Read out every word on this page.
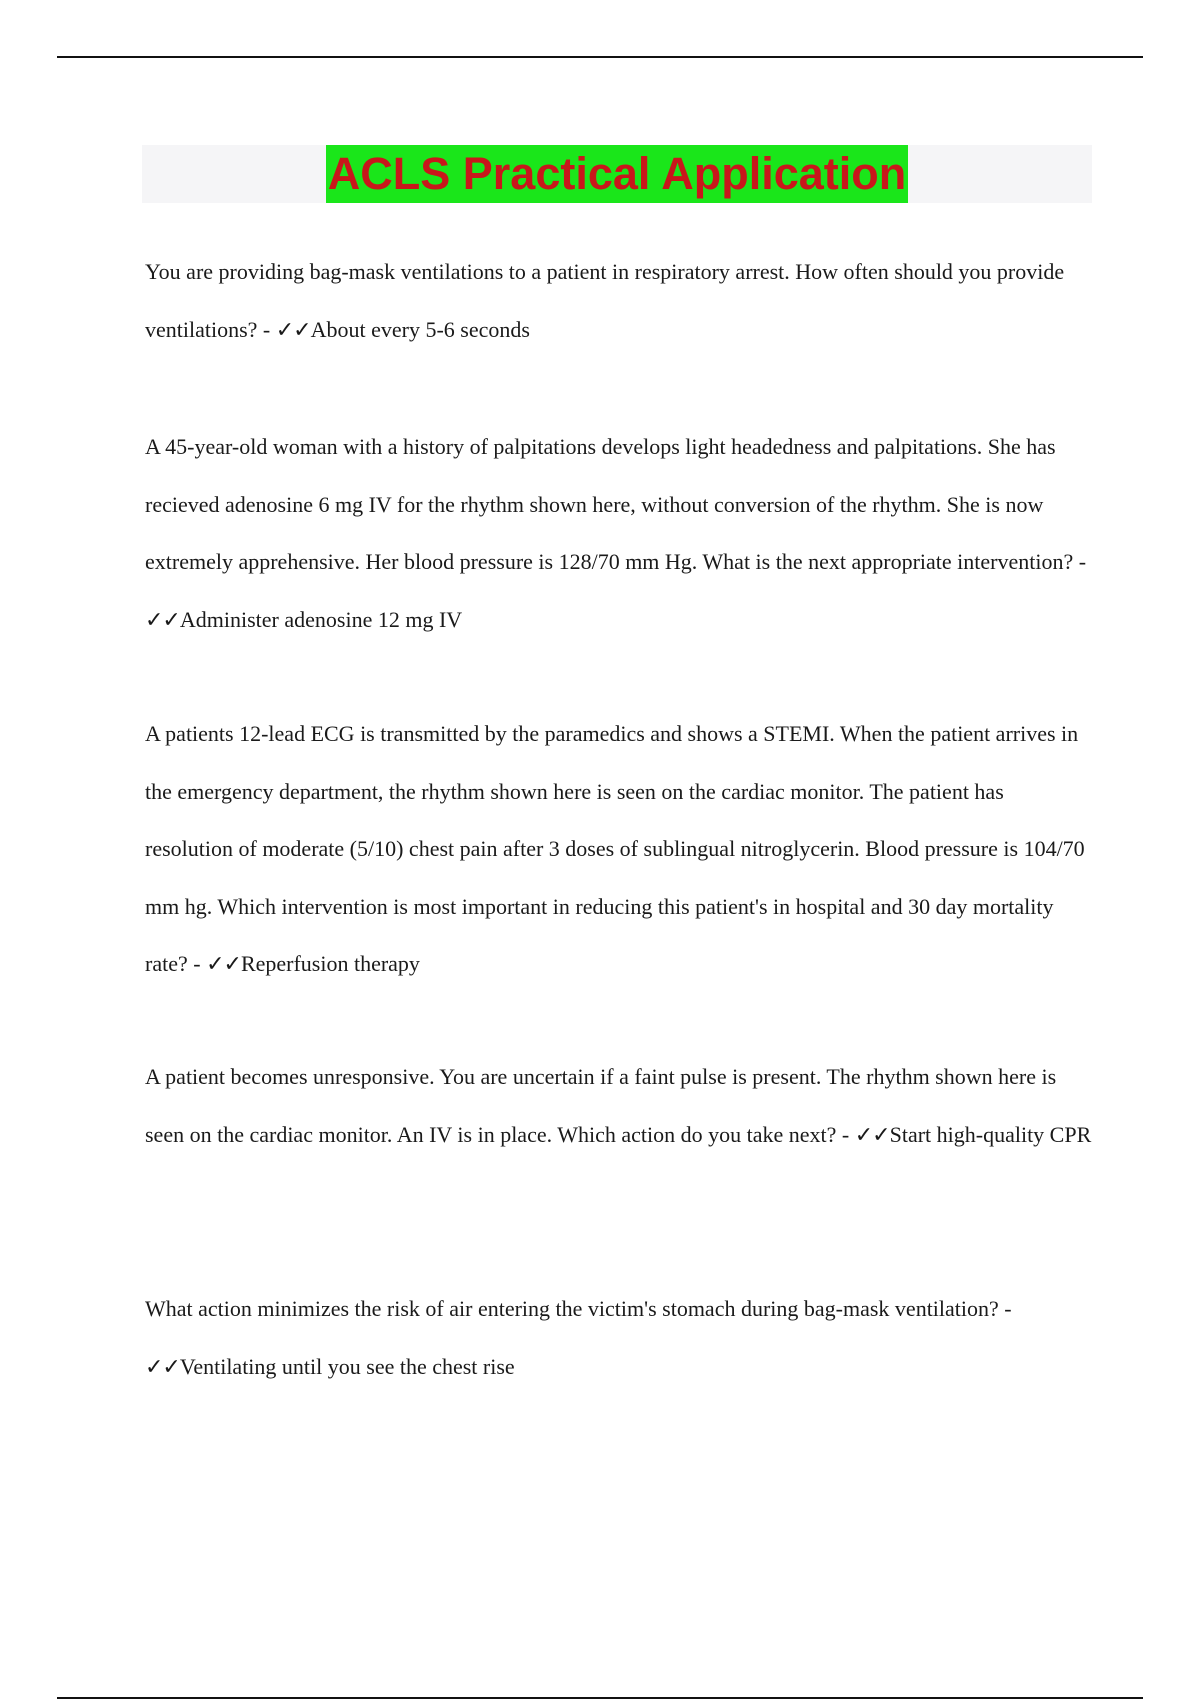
ACLS Practical Application

You are providing bag-mask ventilations to a patient in respiratory arrest. How often should you provide ventilations? - ✓✓About every 5-6 seconds

A 45-year-old woman with a history of palpitations develops light headedness and palpitations. She has recieved adenosine 6 mg IV for the rhythm shown here, without conversion of the rhythm. She is now extremely apprehensive. Her blood pressure is 128/70 mm Hg. What is the next appropriate intervention? - ✓✓Administer adenosine 12 mg IV

A patients 12-lead ECG is transmitted by the paramedics and shows a STEMI. When the patient arrives in the emergency department, the rhythm shown here is seen on the cardiac monitor. The patient has resolution of moderate (5/10) chest pain after 3 doses of sublingual nitroglycerin. Blood pressure is 104/70 mm hg. Which intervention is most important in reducing this patient's in hospital and 30 day mortality rate? - ✓✓Reperfusion therapy

A patient becomes unresponsive. You are uncertain if a faint pulse is present. The rhythm shown here is seen on the cardiac monitor. An IV is in place. Which action do you take next? - ✓✓Start high-quality CPR

What action minimizes the risk of air entering the victim's stomach during bag-mask ventilation? - ✓✓Ventilating until you see the chest rise
